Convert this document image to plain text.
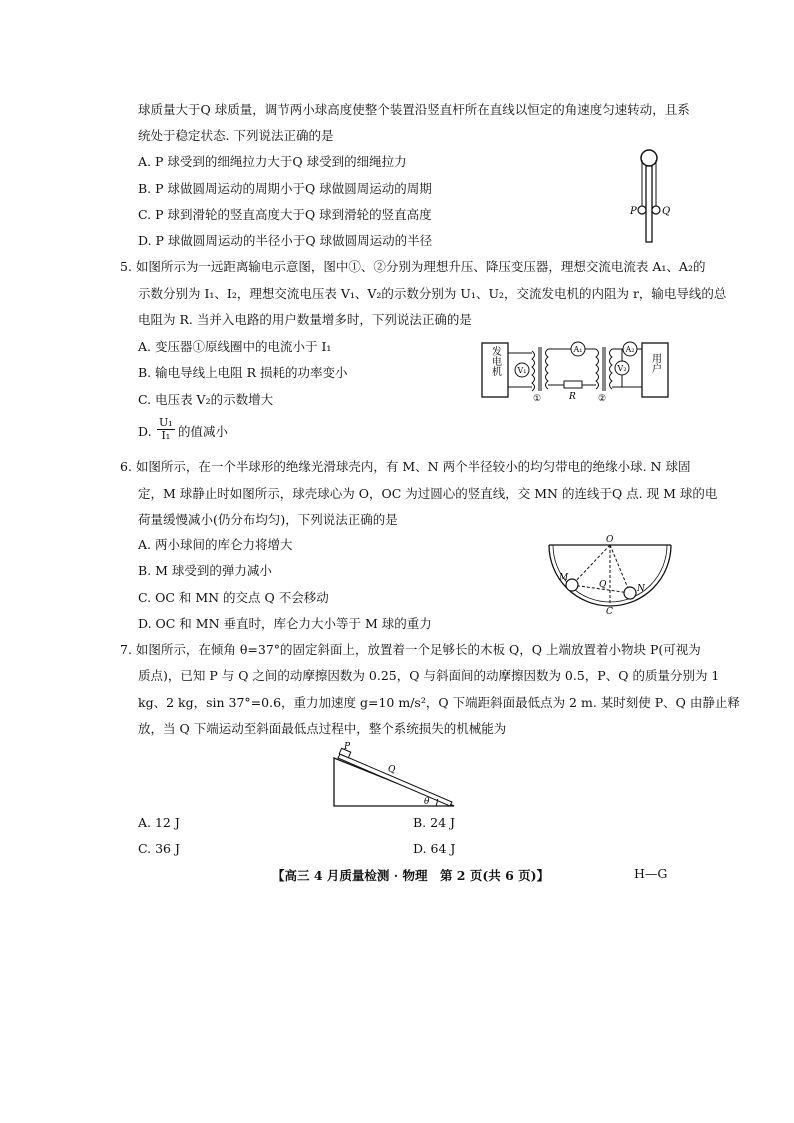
球质量大于Q 球质量，调节两小球高度使整个装置沿竖直杆所在直线以恒定的角速度匀速转动，且系
统处于稳定状态. 下列说法正确的是
A. P 球受到的细绳拉力大于Q 球受到的细绳拉力
B. P 球做圆周运动的周期小于Q 球做圆周运动的周期
C. P 球到滑轮的竖直高度大于Q 球到滑轮的竖直高度
D. P 球做圆周运动的半径小于Q 球做圆周运动的半径
P	Q
5. 如图所示为一远距离输电示意图，图中①、②分别为理想升压、降压变压器，理想交流电流表 A₁、A₂的
示数分别为 I₁、I₂，理想交流电压表 V₁、V₂的示数分别为 U₁、U₂，交流发电机的内阻为 r，输电导线的总
电阻为 R. 当并入电路的用户数量增多时，下列说法正确的是
A. 变压器①原线圈中的电流小于 I₁
B. 输电导线上电阻 R 损耗的功率变小
C. 电压表 V₂的示数增大
D. $\frac{\text{U₁}}{\text{I₁}}$ 的值减小
发电机	用户
V₁
①
A₁
R ②
A₂
V₂
6. 如图所示，在一个半球形的绝缘光滑球壳内，有 M、N 两个半径较小的均匀带电的绝缘小球. N 球固
定，M 球静止时如图所示，球壳球心为 O，OC 为过圆心的竖直线，交 MN 的连线于Q 点. 现 M 球的电
荷量缓慢减小(仍分布均匀)，下列说法正确的是
A. 两小球间的库仑力将增大
B. M 球受到的弹力减小
C. OC 和 MN 的交点 Q 不会移动
D. OC 和 MN 垂直时，库仑力大小等于 M 球的重力
O
M
N
Q
C
7. 如图所示，在倾角 θ=37°的固定斜面上，放置着一个足够长的木板 Q，Q 上端放置着小物块 P(可视为
质点)，已知 P 与 Q 之间的动摩擦因数为 0.25，Q 与斜面间的动摩擦因数为 0.5，P、Q 的质量分别为 1
kg、2 kg，sin 37°=0.6，重力加速度 g=10 m/s²，Q 下端距斜面最低点为 2 m. 某时刻使 P、Q 由静止释
放，当 Q 下端运动至斜面最低点过程中，整个系统损失的机械能为
P
Q
θ
A. 12 J	B. 24 J
C. 36 J	D. 64 J
【高三 4 月质量检测 · 物理　第 2 页(共 6 页)】	H—G
